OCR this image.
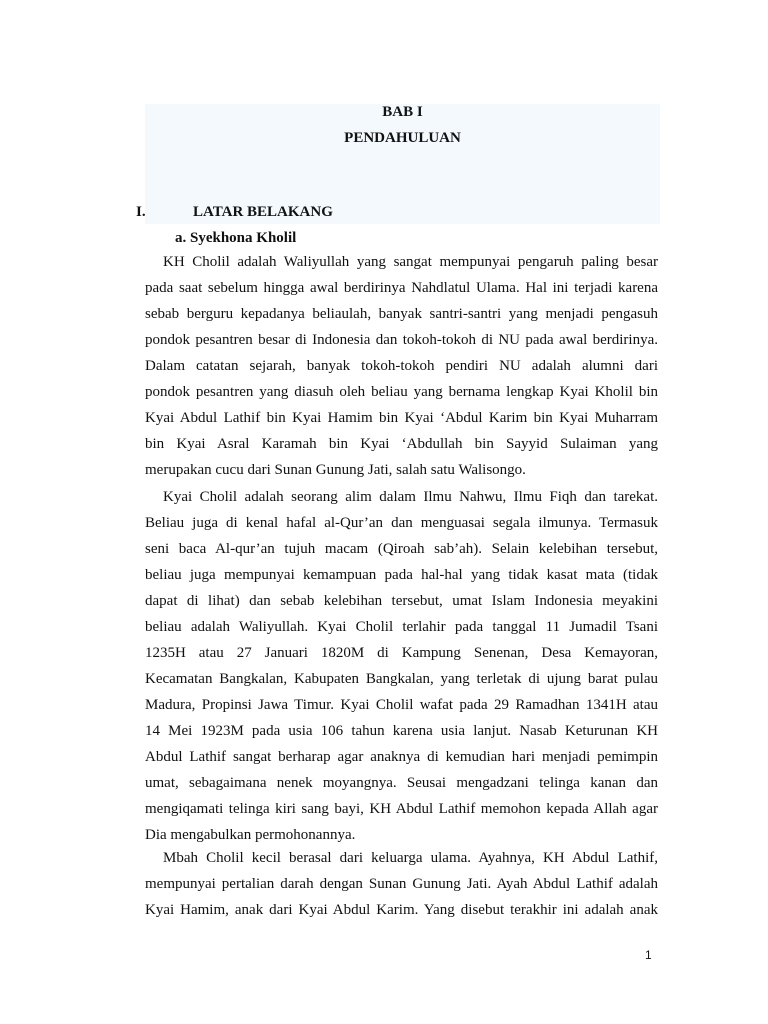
BAB I
PENDAHULUAN
I.	LATAR BELAKANG
a. Syekhona Kholil
KH Cholil adalah Waliyullah yang sangat mempunyai pengaruh paling besar
pada saat sebelum hingga awal berdirinya Nahdlatul Ulama. Hal ini terjadi karena
sebab berguru kepadanya beliaulah, banyak santri-santri yang menjadi pengasuh
pondok pesantren besar di Indonesia dan tokoh-tokoh di NU pada awal berdirinya.
Dalam catatan sejarah, banyak tokoh-tokoh pendiri NU adalah alumni dari
pondok pesantren yang diasuh oleh beliau yang bernama lengkap Kyai Kholil bin
Kyai Abdul Lathif bin Kyai Hamim bin Kyai ‘Abdul Karim bin Kyai Muharram
bin Kyai Asral Karamah bin Kyai ‘Abdullah bin Sayyid Sulaiman yang
merupakan cucu dari Sunan Gunung Jati, salah satu Walisongo.
Kyai Cholil adalah seorang alim dalam Ilmu Nahwu, Ilmu Fiqh dan tarekat.
Beliau juga di kenal hafal al-Qur’an dan menguasai segala ilmunya. Termasuk
seni baca Al-qur’an tujuh macam (Qiroah sab’ah). Selain kelebihan tersebut,
beliau juga mempunyai kemampuan pada hal-hal yang tidak kasat mata (tidak
dapat di lihat) dan sebab kelebihan tersebut, umat Islam Indonesia meyakini
beliau adalah Waliyullah. Kyai Cholil terlahir pada tanggal 11 Jumadil Tsani
1235H atau 27 Januari 1820M di Kampung Senenan, Desa Kemayoran,
Kecamatan Bangkalan, Kabupaten Bangkalan, yang terletak di ujung barat pulau
Madura, Propinsi Jawa Timur. Kyai Cholil wafat pada 29 Ramadhan 1341H atau
14 Mei 1923M pada usia 106 tahun karena usia lanjut. Nasab Keturunan KH
Abdul Lathif sangat berharap agar anaknya di kemudian hari menjadi pemimpin
umat, sebagaimana nenek moyangnya. Seusai mengadzani telinga kanan dan
mengiqamati telinga kiri sang bayi, KH Abdul Lathif memohon kepada Allah agar
Dia mengabulkan permohonannya.
Mbah Cholil kecil berasal dari keluarga ulama. Ayahnya, KH Abdul Lathif,
mempunyai pertalian darah dengan Sunan Gunung Jati. Ayah Abdul Lathif adalah
Kyai Hamim, anak dari Kyai Abdul Karim. Yang disebut terakhir ini adalah anak
1
